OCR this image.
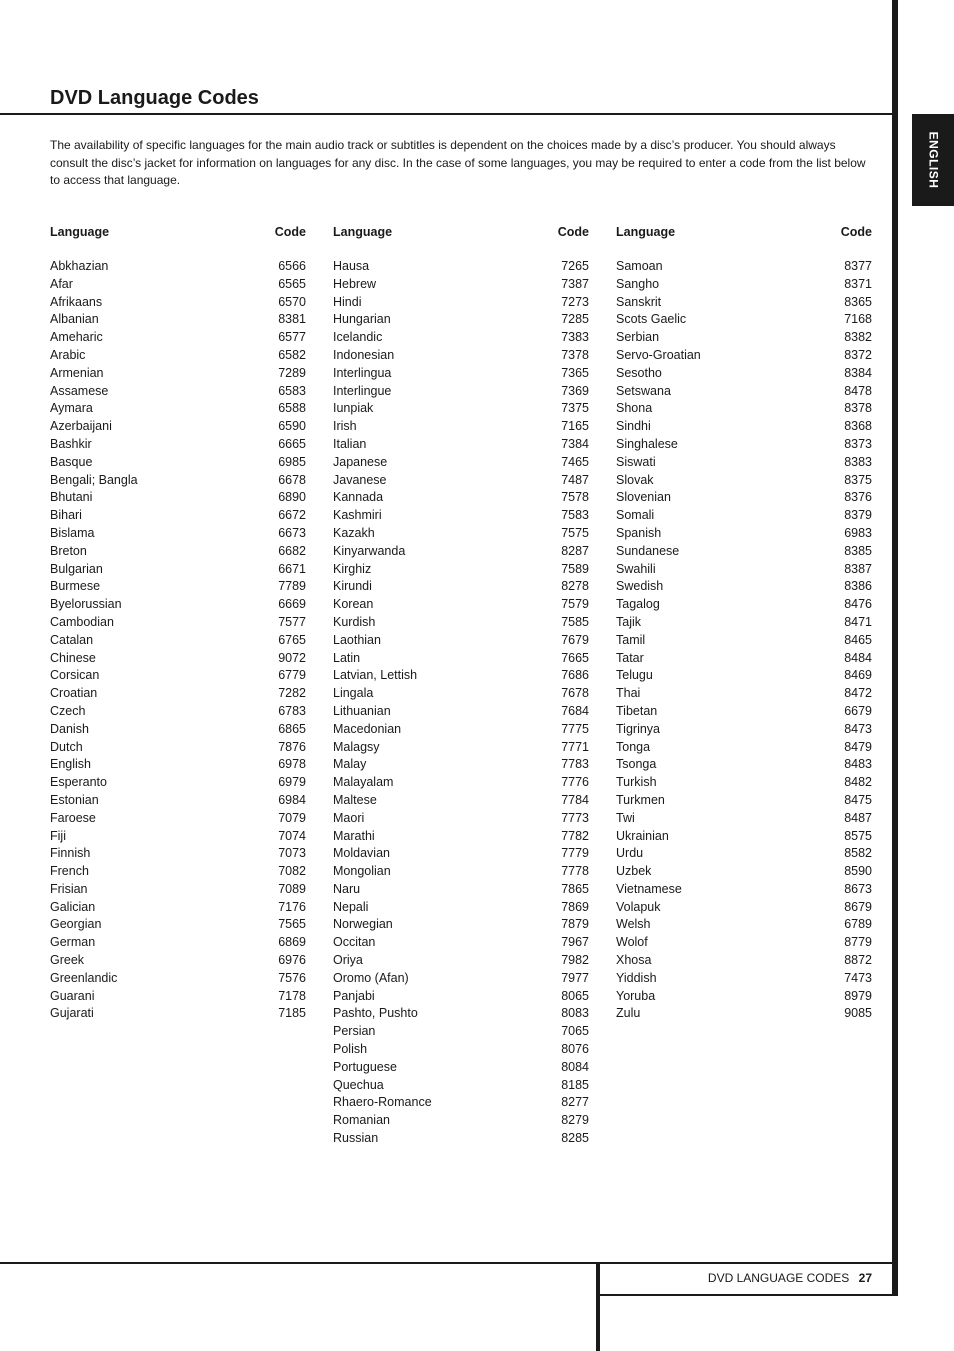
ENGLISH
DVD Language Codes

The availability of specific languages for the main audio track or subtitles is dependent on the choices made by a disc’s producer. You should always consult the disc’s jacket for information on languages for any disc. In the case of some languages, you may be required to enter a code from the list below to access that language.

Language	Code
Abkhazian	6566
Afar	6565
Afrikaans	6570
Albanian	8381
Ameharic	6577
Arabic	6582
Armenian	7289
Assamese	6583
Aymara	6588
Azerbaijani	6590
Bashkir	6665
Basque	6985
Bengali; Bangla	6678
Bhutani	6890
Bihari	6672
Bislama	6673
Breton	6682
Bulgarian	6671
Burmese	7789
Byelorussian	6669
Cambodian	7577
Catalan	6765
Chinese	9072
Corsican	6779
Croatian	7282
Czech	6783
Danish	6865
Dutch	7876
English	6978
Esperanto	6979
Estonian	6984
Faroese	7079
Fiji	7074
Finnish	7073
French	7082
Frisian	7089
Galician	7176
Georgian	7565
German	6869
Greek	6976
Greenlandic	7576
Guarani	7178
Gujarati	7185
Language	Code
Hausa	7265
Hebrew	7387
Hindi	7273
Hungarian	7285
Icelandic	7383
Indonesian	7378
Interlingua	7365
Interlingue	7369
Iunpiak	7375
Irish	7165
Italian	7384
Japanese	7465
Javanese	7487
Kannada	7578
Kashmiri	7583
Kazakh	7575
Kinyarwanda	8287
Kirghiz	7589
Kirundi	8278
Korean	7579
Kurdish	7585
Laothian	7679
Latin	7665
Latvian, Lettish	7686
Lingala	7678
Lithuanian	7684
Macedonian	7775
Malagsy	7771
Malay	7783
Malayalam	7776
Maltese	7784
Maori	7773
Marathi	7782
Moldavian	7779
Mongolian	7778
Naru	7865
Nepali	7869
Norwegian	7879
Occitan	7967
Oriya	7982
Oromo (Afan)	7977
Panjabi	8065
Pashto, Pushto	8083
Persian	7065
Polish	8076
Portuguese	8084
Quechua	8185
Rhaero-Romance	8277
Romanian	8279
Russian	8285
Language	Code
Samoan	8377
Sangho	8371
Sanskrit	8365
Scots Gaelic	7168
Serbian	8382
Servo-Groatian	8372
Sesotho	8384
Setswana	8478
Shona	8378
Sindhi	8368
Singhalese	8373
Siswati	8383
Slovak	8375
Slovenian	8376
Somali	8379
Spanish	6983
Sundanese	8385
Swahili	8387
Swedish	8386
Tagalog	8476
Tajik	8471
Tamil	8465
Tatar	8484
Telugu	8469
Thai	8472
Tibetan	6679
Tigrinya	8473
Tonga	8479
Tsonga	8483
Turkish	8482
Turkmen	8475
Twi	8487
Ukrainian	8575
Urdu	8582
Uzbek	8590
Vietnamese	8673
Volapuk	8679
Welsh	6789
Wolof	8779
Xhosa	8872
Yiddish	7473
Yoruba	8979
Zulu	9085
DVD LANGUAGE CODES 27
